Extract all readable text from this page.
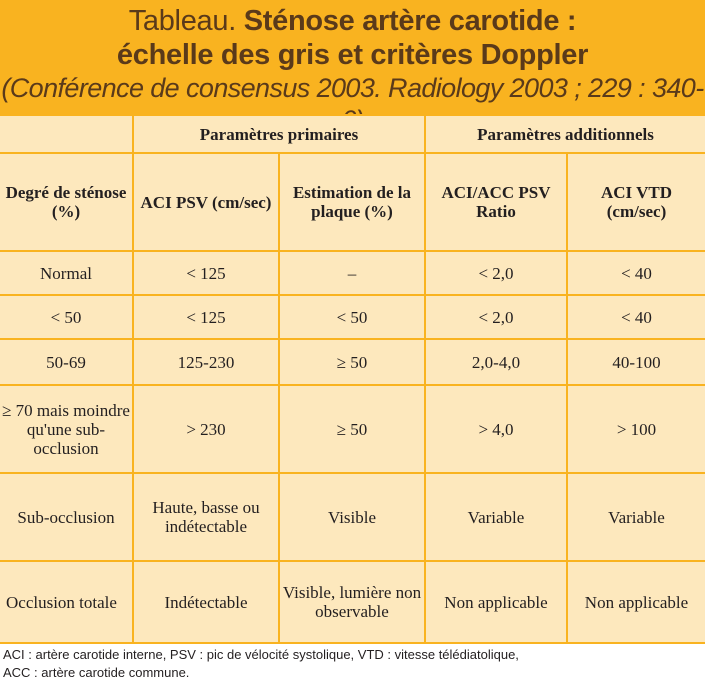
Tableau. Sténose artère carotide :
échelle des gris et critères Doppler
(Conférence de consensus 2003. Radiology 2003 ; 229 : 340-
	Paramètres primaires		Paramètres additionnels	
Degré de sténose (%)	ACI PSV (cm/sec)	Estimation de la plaque (%)	ACI/ACC PSV Ratio	ACI VTD (cm/sec)
Normal	< 125	–	< 2,0	< 40
< 50	< 125	< 50	< 2,0	< 40
50-69	125-230	≥ 50	2,0-4,0	40-100
≥ 70 mais moindre qu'une sub-occlusion	> 230	≥ 50	> 4,0	> 100
Sub-occlusion	Haute, basse ou indétectable	Visible	Variable	Variable
Occlusion totale	Indétectable	Visible, lumière non observable	Non applicable	Non applicable
ACI : artère carotide interne, PSV : pic de vélocité systolique, VTD : vitesse télédiatolique,
ACC : artère carotide commune.
